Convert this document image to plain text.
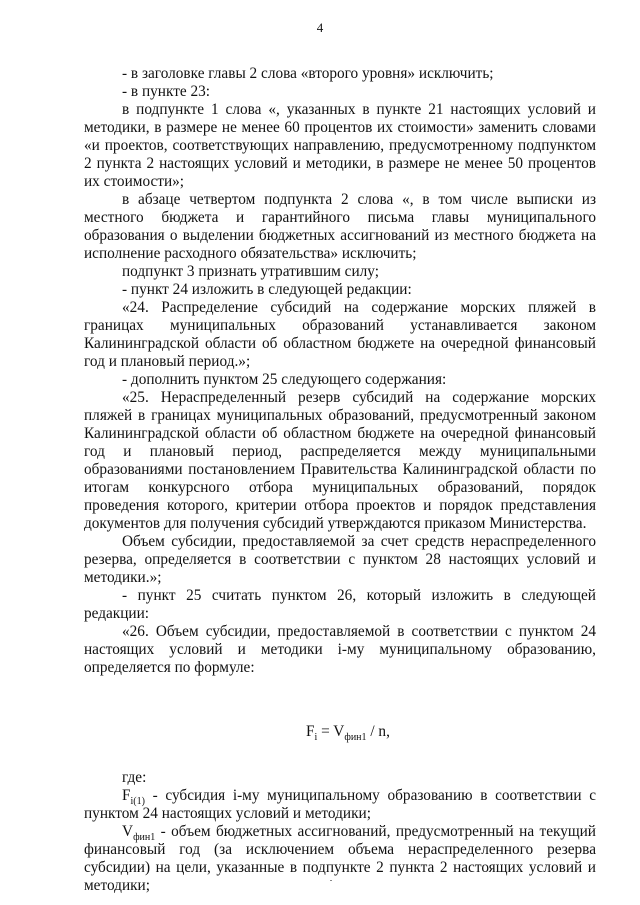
4

- в заголовке главы 2 слова «второго уровня» исключить;

- в пункте 23:

в подпункте 1 слова «, указанных в пункте 21 настоящих условий и методики, в размере не менее 60 процентов их стоимости» заменить словами «и проектов, соответствующих направлению, предусмотренному подпунктом 2 пункта 2 настоящих условий и методики, в размере не менее 50 процентов их стоимости»;

в абзаце четвертом подпункта 2 слова «, в том числе выписки из местного бюджета и гарантийного письма главы муниципального образования о выделении бюджетных ассигнований из местного бюджета на исполнение расходного обязательства» исключить;

подпункт 3 признать утратившим силу;

- пункт 24 изложить в следующей редакции:

«24. Распределение субсидий на содержание морских пляжей в границах муниципальных образований устанавливается законом Калининградской области об областном бюджете на очередной финансовый год и плановый период.»;

- дополнить пунктом 25 следующего содержания:

«25. Нераспределенный резерв субсидий на содержание морских пляжей в границах муниципальных образований, предусмотренный законом Калининградской области об областном бюджете на очередной финансовый год и плановый период, распределяется между муниципальными образованиями постановлением Правительства Калининградской области по итогам конкурсного отбора муниципальных образований, порядок проведения которого, критерии отбора проектов и порядок представления документов для получения субсидий утверждаются приказом Министерства.

Объем субсидии, предоставляемой за счет средств нераспределенного резерва, определяется в соответствии с пунктом 28 настоящих условий и методики.»;

- пункт 25 считать пунктом 26, который изложить в следующей редакции:

«26. Объем субсидии, предоставляемой в соответствии с пунктом 24 настоящих условий и методики i-му муниципальному образованию, определяется по формуле:

$F_i = V_{фин1} / n$,

где:

$F_{i(1)}$ - субсидия i-му муниципальному образованию в соответствии с пунктом 24 настоящих условий и методики;

$V_{фин1}$ - объем бюджетных ассигнований, предусмотренный на текущий финансовый год (за исключением объема нераспределенного резерва субсидии) на цели, указанные в подпункте 2 пункта 2 настоящих условий и методики;
